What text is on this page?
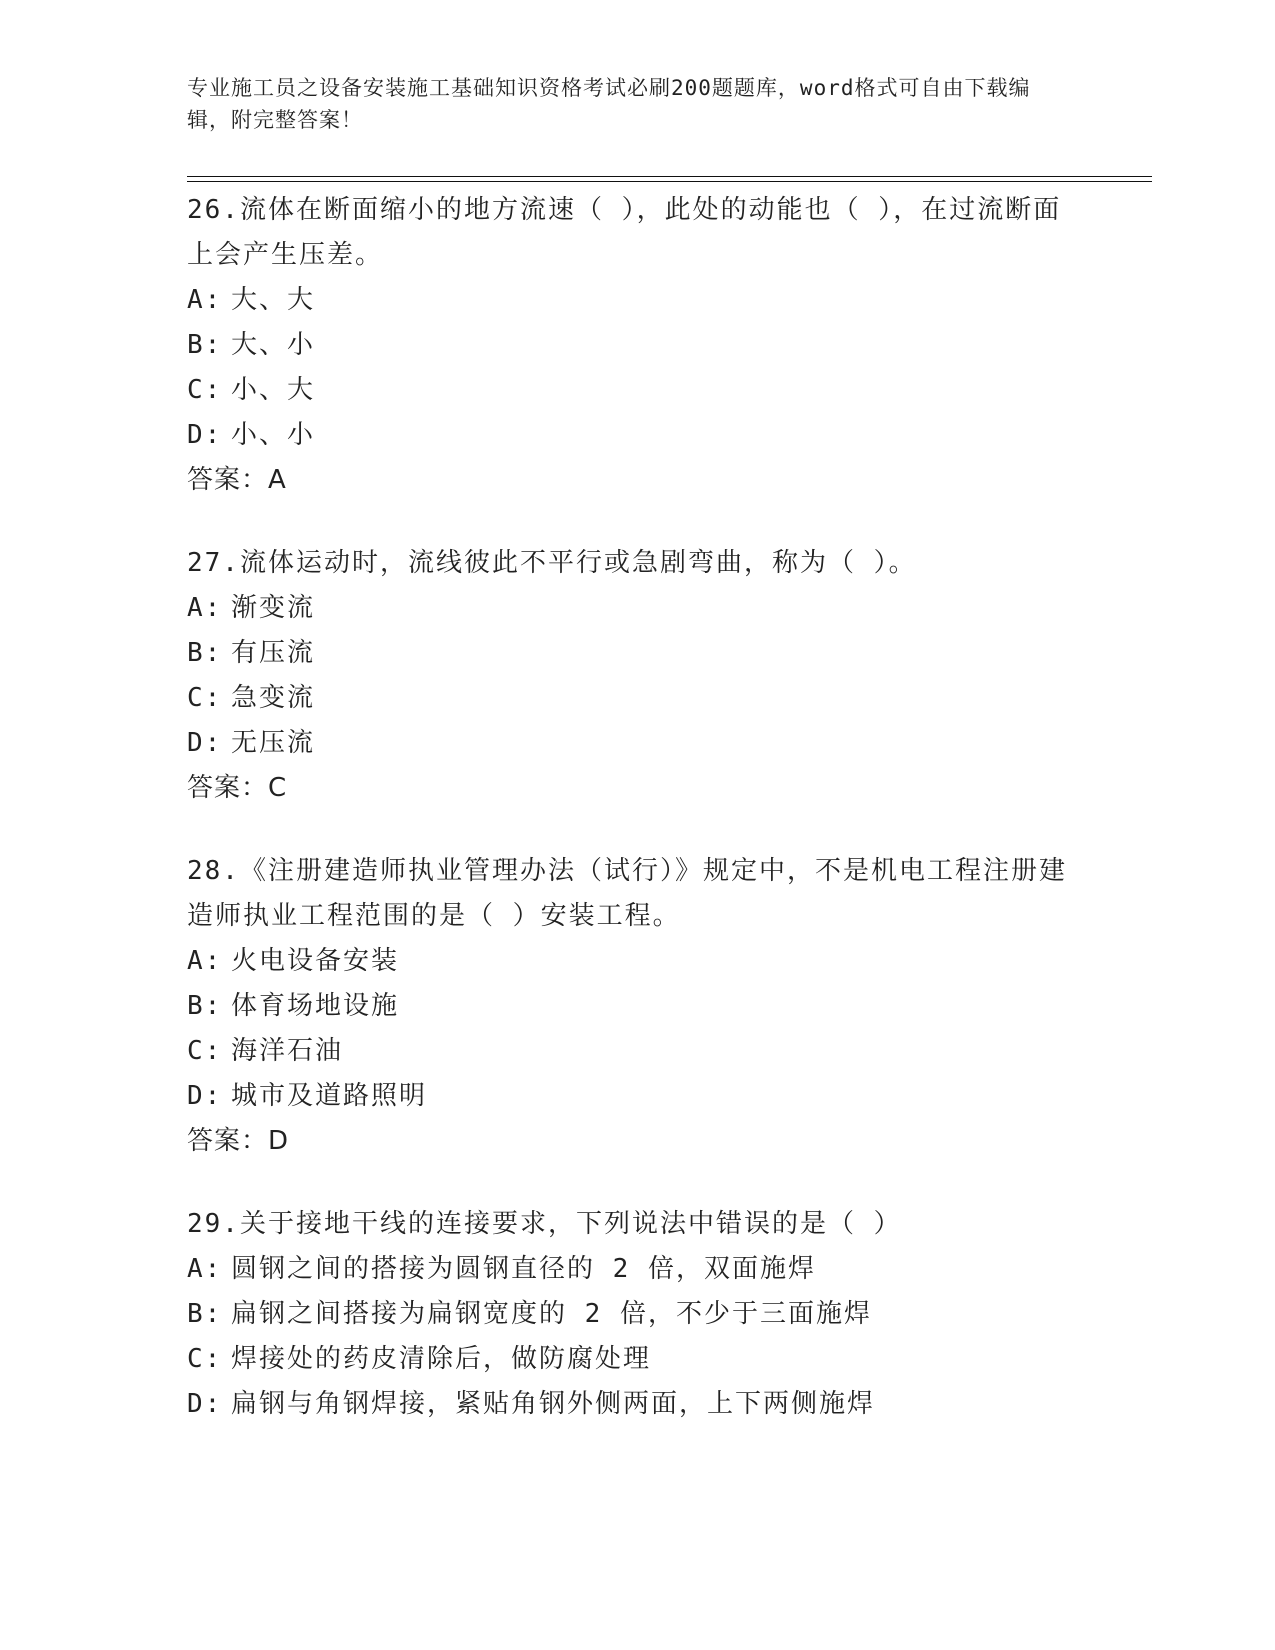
专业施工员之设备安装施工基础知识资格考试必刷200题题库，word格式可自由下载编辑，附完整答案！
26.流体在断面缩小的地方流速（ ），此处的动能也（ ），在过流断面上会产生压差。
A: 大、大
B: 大、小
C: 小、大
D: 小、小
答案：A
27.流体运动时，流线彼此不平行或急剧弯曲，称为（ ）。
A: 渐变流
B: 有压流
C: 急变流
D: 无压流
答案：C
28.《注册建造师执业管理办法（试行）》规定中，不是机电工程注册建造师执业工程范围的是（ ）安装工程。
A: 火电设备安装
B: 体育场地设施
C: 海洋石油
D: 城市及道路照明
答案：D
29.关于接地干线的连接要求，下列说法中错误的是（ ）
A: 圆钢之间的搭接为圆钢直径的 2 倍，双面施焊
B: 扁钢之间搭接为扁钢宽度的 2 倍，不少于三面施焊
C: 焊接处的药皮清除后，做防腐处理
D: 扁钢与角钢焊接，紧贴角钢外侧两面，上下两侧施焊
